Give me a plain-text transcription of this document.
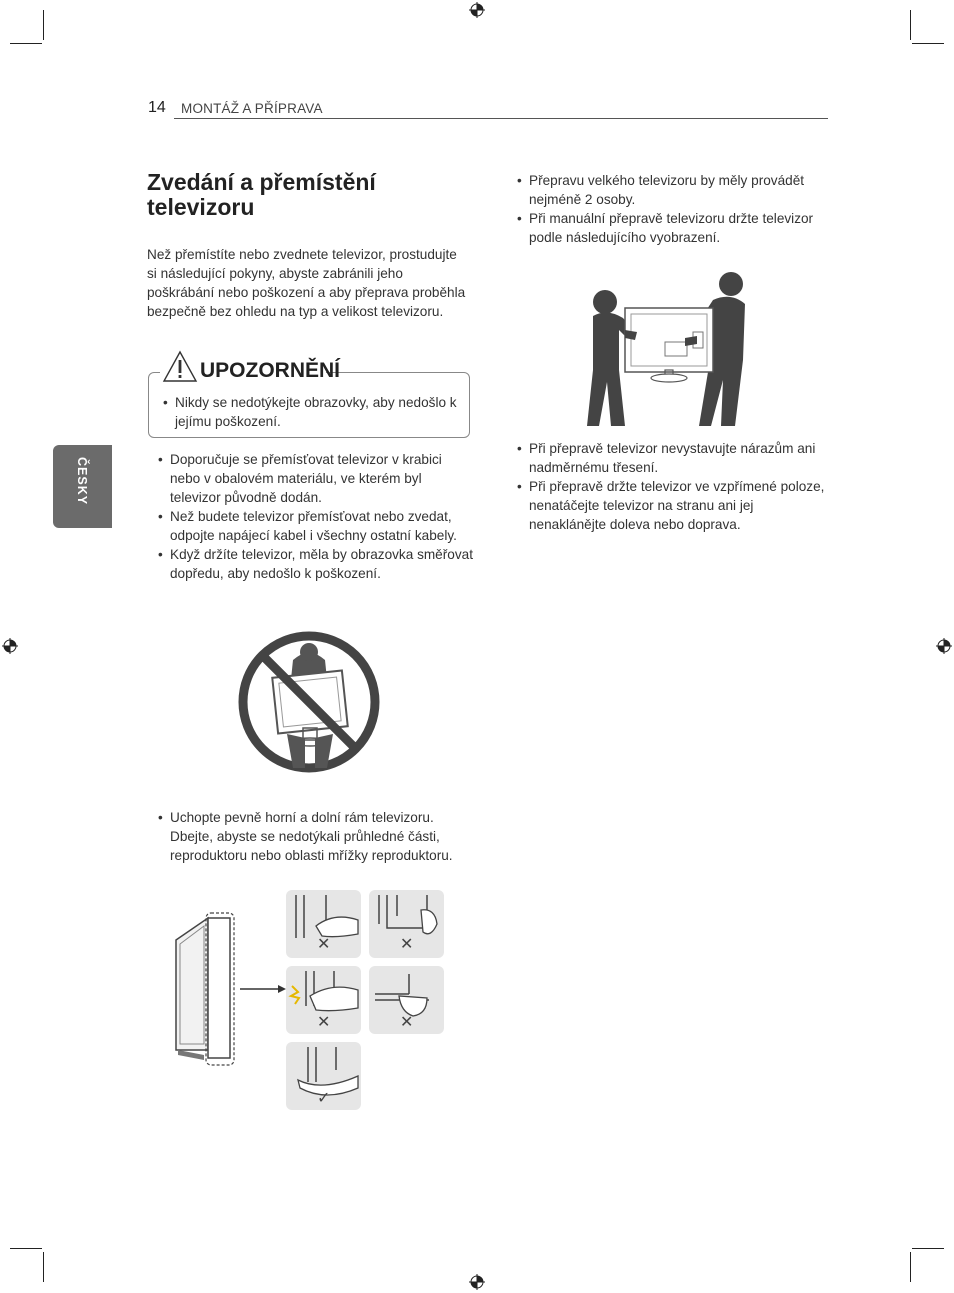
14 MONTÁŽ A PŘÍPRAVA
ČESKY
Zvedání a přemístění televizoru
Než přemístíte nebo zvednete televizor, prostudujte si následující pokyny, abyste zabránili jeho poškrábání nebo poškození a aby přeprava proběhla bezpečně bez ohledu na typ a velikost televizoru.
• Nikdy se nedotýkejte obrazovky, aby nedošlo k jejímu poškození.
UPOZORNĚNÍ
• Doporučuje se přemísťovat televizor v krabici nebo v obalovém materiálu, ve kterém byl televizor původně dodán.
• Než budete televizor přemísťovat nebo zvedat, odpojte napájecí kabel i všechny ostatní kabely.
• Když držíte televizor, měla by obrazovka směřovat dopředu, aby nedošlo k poškození.
• Uchopte pevně horní a dolní rám televizoru. Dbejte, abyste se nedotýkali průhledné části, reproduktoru nebo oblasti mřížky reproduktoru.
✕	✕
✕	✕
✓
• Přepravu velkého televizoru by měly provádět nejméně 2 osoby.
• Při manuální přepravě televizoru držte televizor podle následujícího vyobrazení.
• Při přepravě televizor nevystavujte nárazům ani nadměrnému třesení.
• Při přepravě držte televizor ve vzpřímené poloze, nenatáčejte televizor na stranu ani jej nenaklánějte doleva nebo doprava.
